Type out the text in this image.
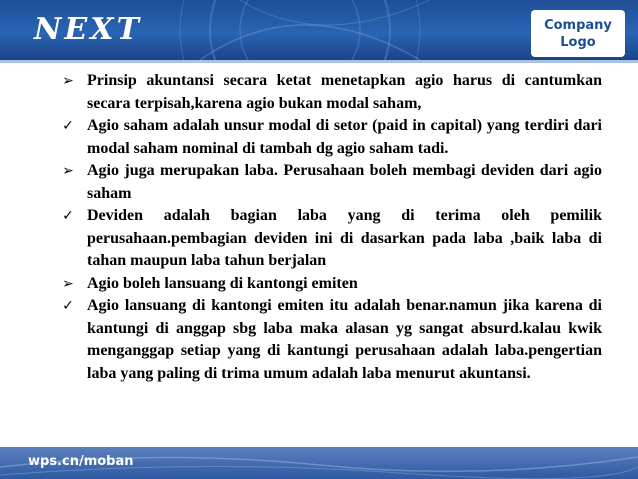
NEXT	Company
Logo
➢ Prinsip akuntansi secara ketat menetapkan agio harus di cantumkan secara terpisah,karena agio bukan modal saham,
✓ Agio saham adalah unsur modal di setor (paid in capital) yang terdiri dari modal saham nominal di tambah dg agio saham tadi.
➢ Agio juga merupakan laba. Perusahaan boleh membagi deviden dari agio saham
✓ Deviden adalah bagian laba yang di terima oleh pemilik perusahaan.pembagian deviden ini di dasarkan pada laba ,baik laba di tahan maupun laba tahun berjalan
➢ Agio boleh lansuang di kantongi emiten
✓ Agio lansuang di kantongi emiten itu adalah benar.namun jika karena di kantungi di anggap sbg laba maka alasan yg sangat absurd.kalau kwik menganggap setiap yang di kantungi perusahaan adalah laba.pengertian laba yang paling di trima umum adalah laba menurut akuntansi.
wps.cn/moban
